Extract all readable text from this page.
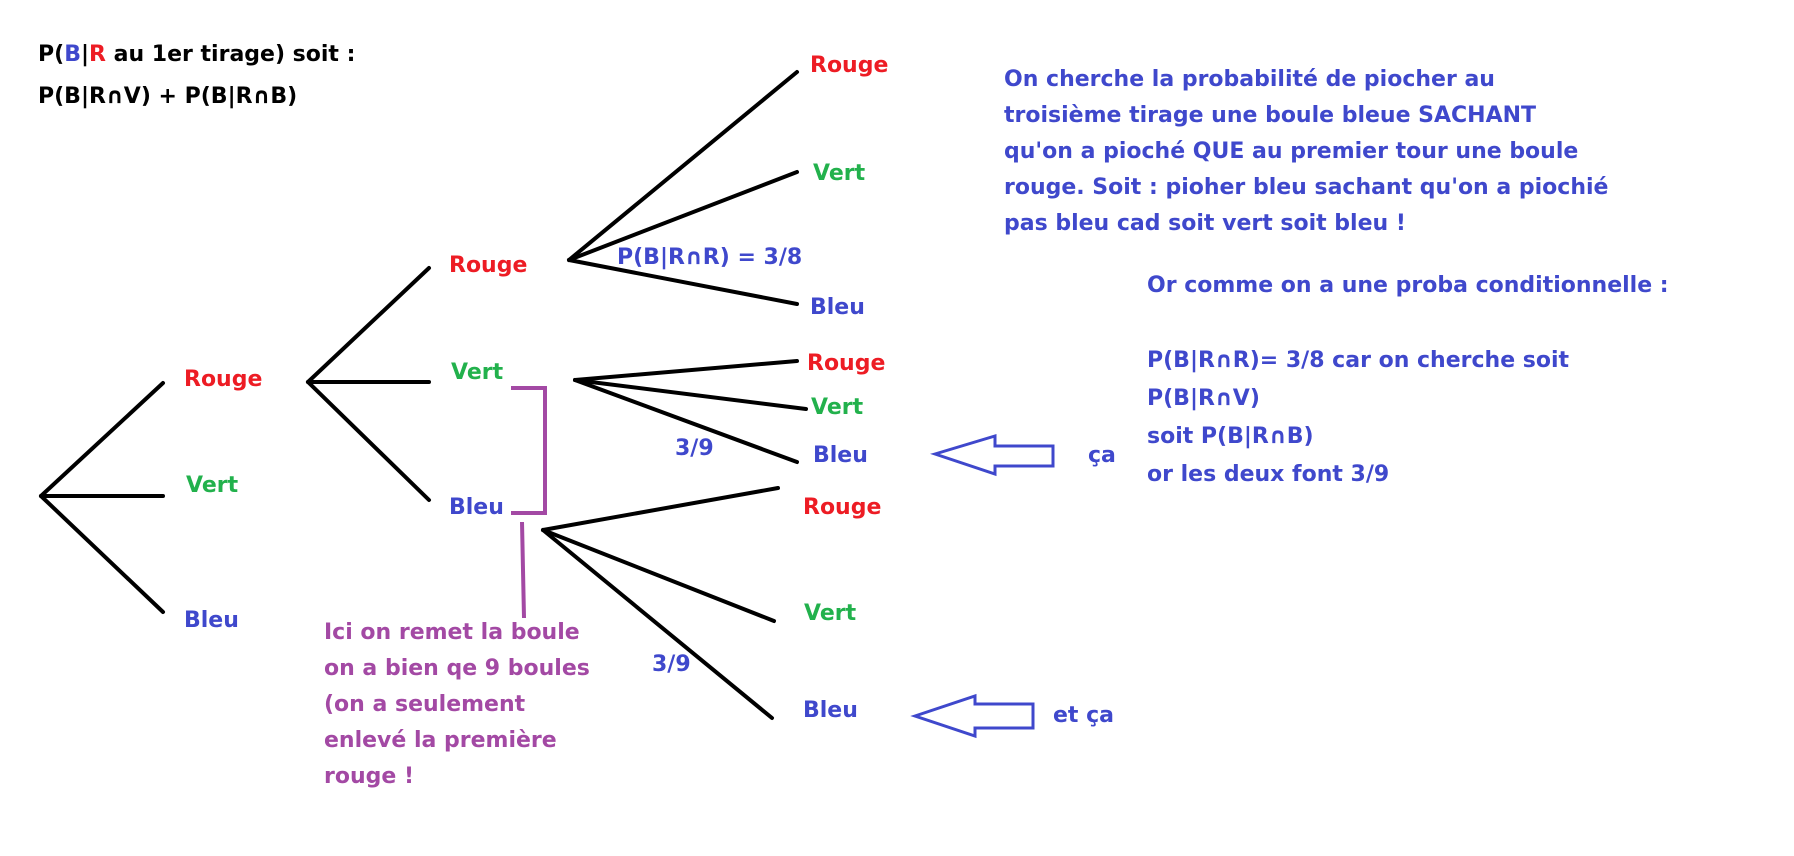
P(B|R au 1er tirage) soit :
P(B|R∩V) + P(B|R∩B)
Rouge
Vert
Bleu
Rouge
Vert
Bleu
Rouge
Vert
Bleu
Rouge
Vert
Bleu
Rouge
Vert
Bleu
P(B|R∩R) = 3/8
3/9
3/9
ça
et ça
Ici on remet la boule
on a bien qe 9 boules
(on a seulement
enlevé la première
rouge !
On cherche la probabilité de piocher au
troisième tirage une boule bleue SACHANT
qu'on a pioché QUE au premier tour une boule
rouge. Soit : pioher bleu sachant qu'on a piochié
pas bleu cad soit vert soit bleu !
Or comme on a une proba conditionnelle :
P(B|R∩R)= 3/8 car on cherche soit
P(B|R∩V)
soit P(B|R∩B)
or les deux font 3/9
